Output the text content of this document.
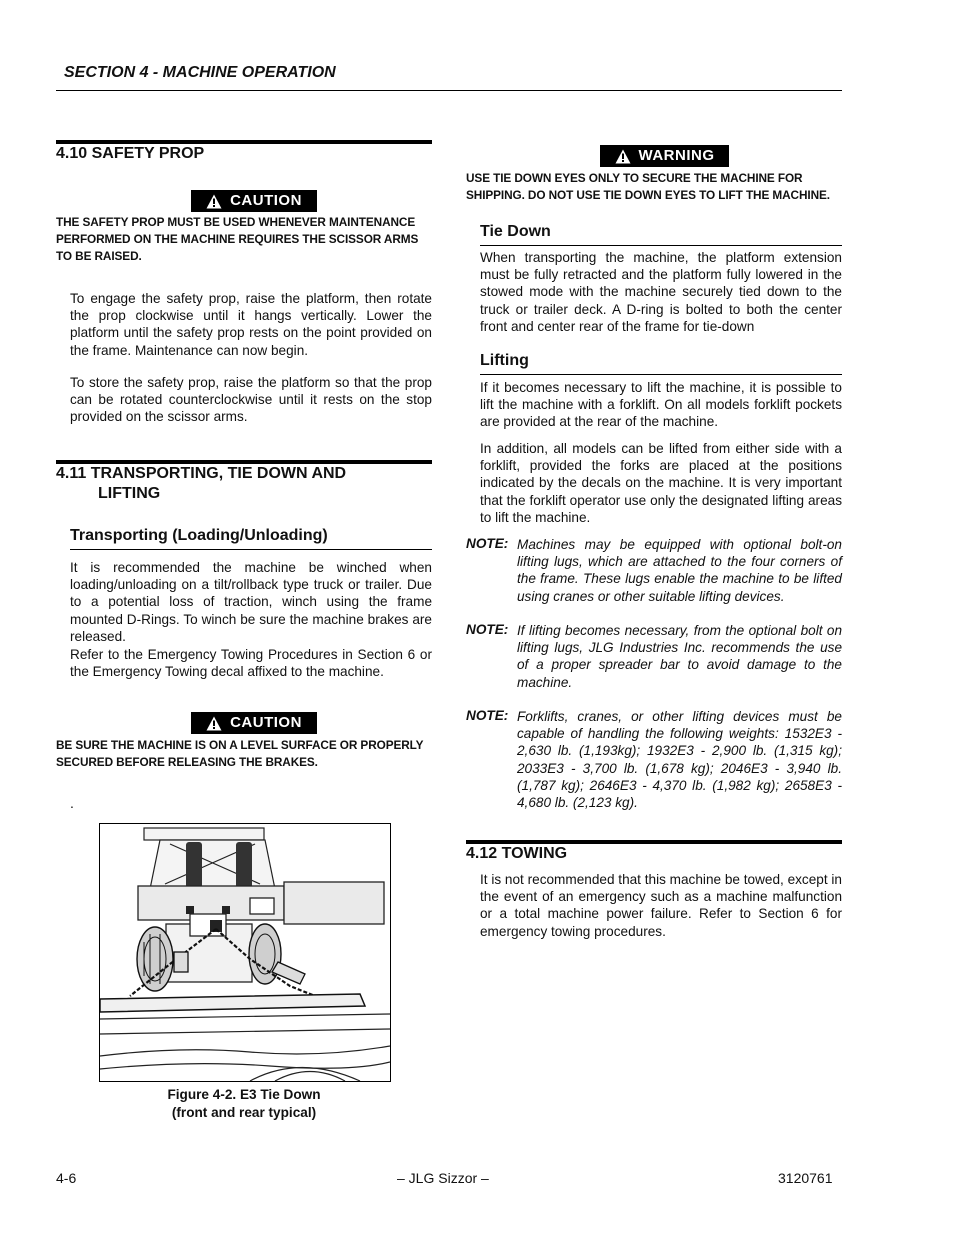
SECTION 4 - MACHINE OPERATION
4.10 SAFETY PROP
CAUTION

THE SAFETY PROP MUST BE USED WHENEVER MAINTENANCE PERFORMED ON THE MACHINE REQUIRES THE SCISSOR ARMS TO BE RAISED.

To engage the safety prop, raise the platform, then rotate the prop clockwise until it hangs vertically. Lower the platform until the safety prop rests on the point provided on the frame. Maintenance can now begin.

To store the safety prop, raise the platform so that the prop can be rotated counterclockwise until it rests on the stop provided on the scissor arms.

4.11 TRANSPORTING, TIE DOWN AND
LIFTING
Transporting (Loading/Unloading)

It is recommended the machine be winched when loading/unloading on a tilt/rollback type truck or trailer. Due to a potential loss of traction, winch using the frame mounted D-Rings. To winch be sure the machine brakes are released.

Refer to the Emergency Towing Procedures in Section 6 or the Emergency Towing decal affixed to the machine.

CAUTION

BE SURE THE MACHINE IS ON A LEVEL SURFACE OR PROPERLY SECURED BEFORE RELEASING THE BRAKES.

.
Figure 4-2. E3 Tie Down
(front and rear typical)
WARNING

USE TIE DOWN EYES ONLY TO SECURE THE MACHINE FOR SHIPPING. DO NOT USE TIE DOWN EYES TO LIFT THE MACHINE.

Tie Down

When transporting the machine, the platform extension must be fully retracted and the platform fully lowered in the stowed mode with the machine securely tied down to the truck or trailer deck. A D-ring is bolted to both the center front and center rear of the frame for tie-down

Lifting

If it becomes necessary to lift the machine, it is possible to lift the machine with a forklift. On all models forklift pockets are provided at the rear of the machine.

In addition, all models can be lifted from either side with a forklift, provided the forks are placed at the positions indicated by the decals on the machine. It is very important that the forklift operator use only the designated lifting areas to lift the machine.

NOTE: Machines may be equipped with optional bolt-on lifting lugs, which are attached to the four corners of the frame. These lugs enable the machine to be lifted using cranes or other suitable lifting devices.

NOTE: If lifting becomes necessary, from the optional bolt on lifting lugs, JLG Industries Inc. recommends the use of a proper spreader bar to avoid damage to the machine.

NOTE: Forklifts, cranes, or other lifting devices must be capable of handling the following weights: 1532E3 - 2,630 lb. (1,193kg); 1932E3 - 2,900 lb. (1,315 kg); 2033E3 - 3,700 lb. (1,678 kg); 2046E3 - 3,940 lb. (1,787 kg); 2646E3 - 4,370 lb. (1,982 kg); 2658E3 - 4,680 lb. (2,123 kg).

4.12 TOWING

It is not recommended that this machine be towed, except in the event of an emergency such as a machine malfunction or a total machine power failure. Refer to Section 6 for emergency towing procedures.

4-6	– JLG Sizzor –	3120761
